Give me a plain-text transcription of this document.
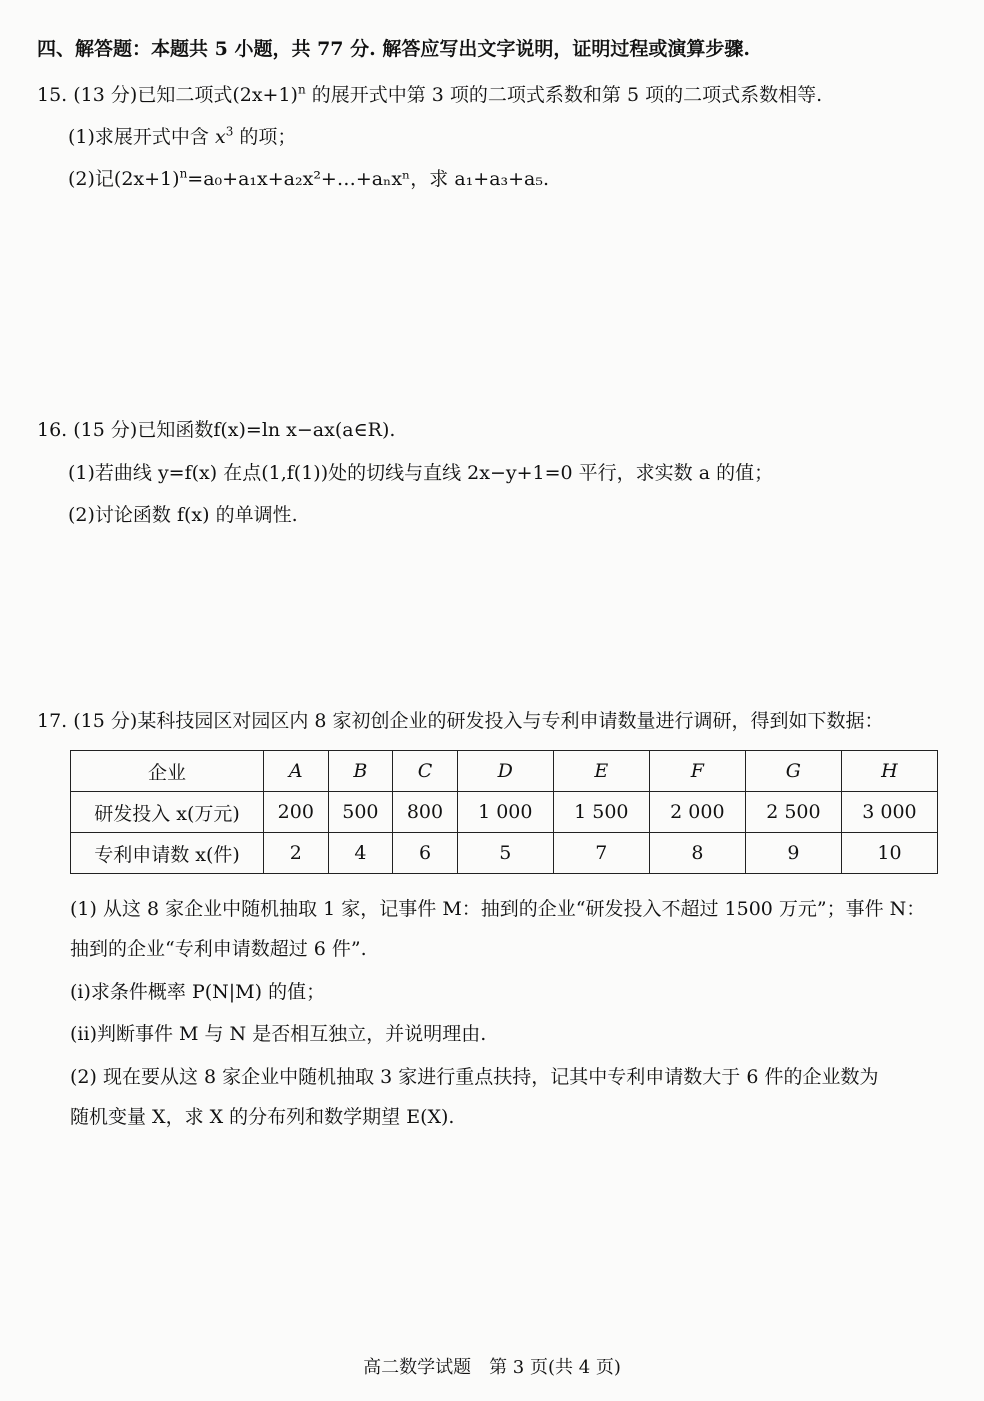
四、解答题：本题共 5 小题，共 77 分. 解答应写出文字说明，证明过程或演算步骤.
15. (13 分)已知二项式$(2x+1)^n$ 的展开式中第 3 项的二项式系数和第 5 项的二项式系数相等.
(1)求展开式中含 $x^3$ 的项；
(2)记$(2x+1)^n=a_0+a_1x+a_2x^2+\dots+a_nx^n$，求 a₁+a₃+a₅.
16. (15 分)已知函数f(x)=ln x−ax(a∈R).
(1)若曲线 y=f(x) 在点(1,f(1))处的切线与直线 2x−y+1=0 平行，求实数 a 的值；
(2)讨论函数 f(x) 的单调性.
17. (15 分)某科技园区对园区内 8 家初创企业的研发投入与专利申请数量进行调研，得到如下数据：
企业	A	B	C	D	E	F	G	H
研发投入 x(万元)	200	500	800	1 000	1 500	2 000	2 500	3 000
专利申请数 x(件)	2	4	6	5	7	8	9	10
(1) 从这 8 家企业中随机抽取 1 家，记事件 M：抽到的企业“研发投入不超过 1500 万元”；事件 N：
抽到的企业“专利申请数超过 6 件”.
(i)求条件概率 P(N|M) 的值；
(ii)判断事件 M 与 N 是否相互独立，并说明理由.
(2) 现在要从这 8 家企业中随机抽取 3 家进行重点扶持，记其中专利申请数大于 6 件的企业数为
随机变量 X，求 X 的分布列和数学期望 E(X).
高二数学试题　第 3 页(共 4 页)
